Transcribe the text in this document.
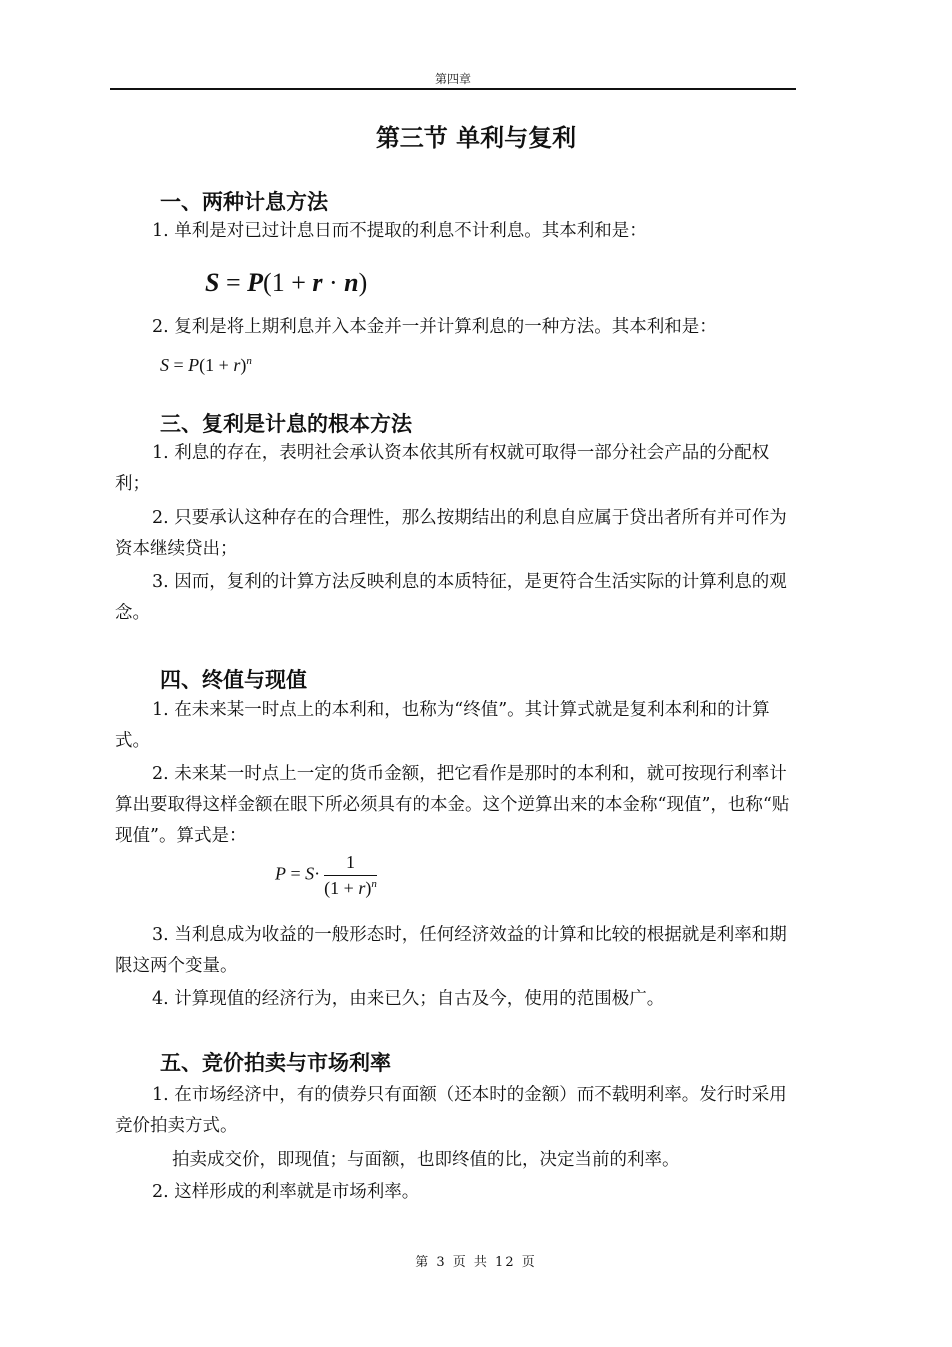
第四章
第三节 单利与复利
一、两种计息方法
1. 单利是对已过计息日而不提取的利息不计利息。其本利和是：
S = P(1 + r · n)
2. 复利是将上期利息并入本金并一并计算利息的一种方法。其本利和是：
$S = P(1 + r)^n$
三、复利是计息的根本方法
1. 利息的存在，表明社会承认资本依其所有权就可取得一部分社会产品的分配权利；
2. 只要承认这种存在的合理性，那么按期结出的利息自应属于贷出者所有并可作为资本继续贷出；
3. 因而，复利的计算方法反映利息的本质特征，是更符合生活实际的计算利息的观念。
四、终值与现值
1. 在未来某一时点上的本利和，也称为“终值”。其计算式就是复利本利和的计算式。
2. 未来某一时点上一定的货币金额，把它看作是那时的本利和，就可按现行利率计算出要取得这样金额在眼下所必须具有的本金。这个逆算出来的本金称“现值”，也称“贴现值”。算式是：
$P = S\cdot \frac{1}{(1 + r)^n}$
3. 当利息成为收益的一般形态时，任何经济效益的计算和比较的根据就是利率和期限这两个变量。
4. 计算现值的经济行为，由来已久；自古及今，使用的范围极广。
五、竞价拍卖与市场利率
1. 在市场经济中，有的债券只有面额（还本时的金额）而不载明利率。发行时采用竞价拍卖方式。
拍卖成交价，即现值；与面额，也即终值的比，决定当前的利率。
2. 这样形成的利率就是市场利率。
第 3 页 共 12 页
